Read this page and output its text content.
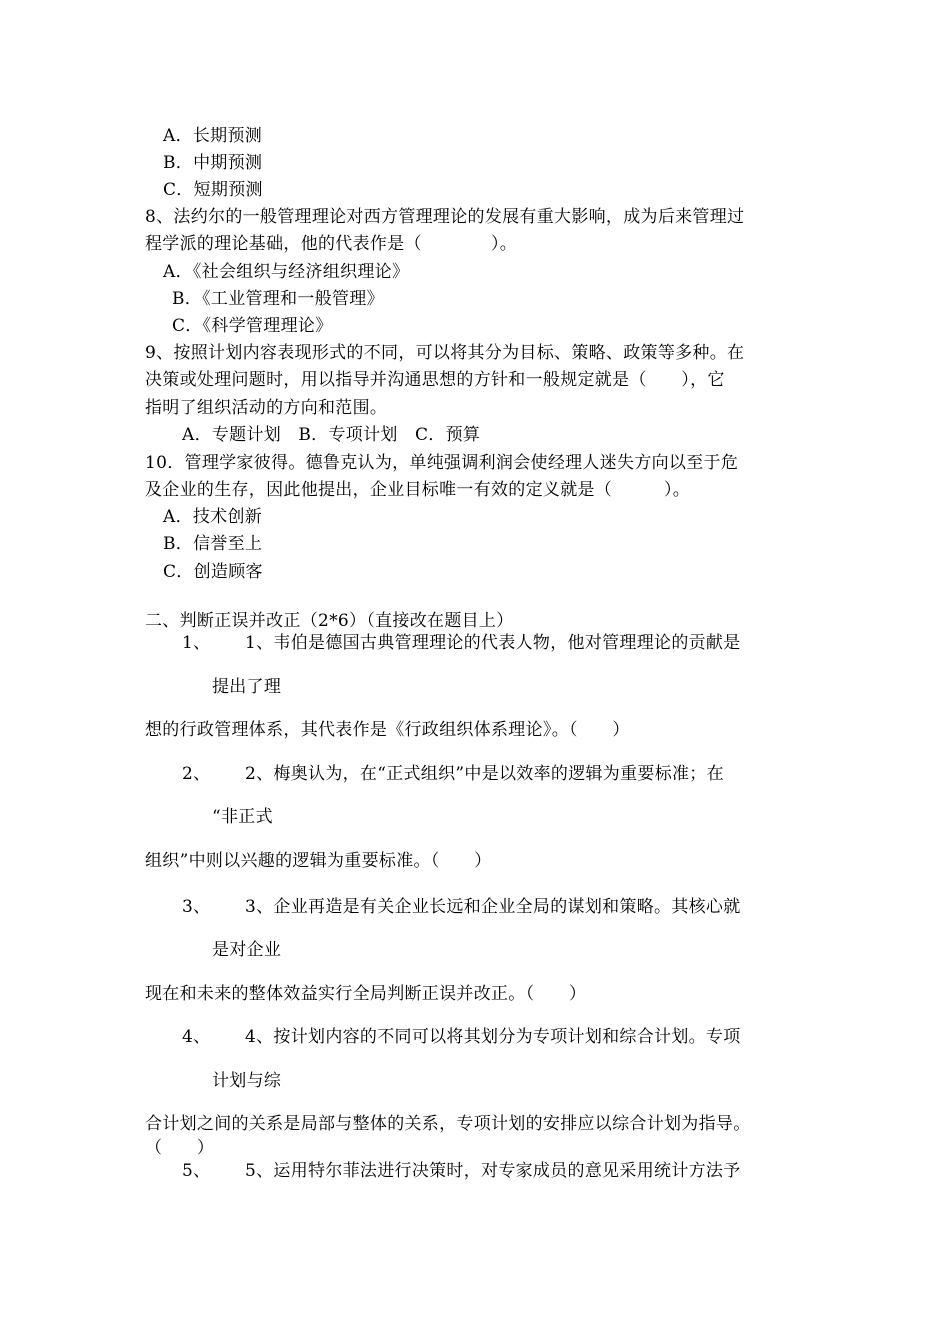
A．长期预测
B．中期预测
C．短期预测
8、法约尔的一般管理理论对西方管理理论的发展有重大影响，成为后来管理过
程学派的理论基础，他的代表作是（　　　　）。
A．《社会组织与经济组织理论》
B．《工业管理和一般管理》
C．《科学管理理论》
9、按照计划内容表现形式的不同，可以将其分为目标、策略、政策等多种。在
决策或处理问题时，用以指导并沟通思想的方针和一般规定就是（　　），它
指明了组织活动的方向和范围。
A．专题计划　B．专项计划　C．预算
10．管理学家彼得。德鲁克认为，单纯强调利润会使经理人迷失方向以至于危
及企业的生存，因此他提出，企业目标唯一有效的定义就是（　　　）。
A．技术创新
B．信誉至上
C．创造顾客
二、判断正误并改正（2*6）（直接改在题目上）
1、 1、韦伯是德国古典管理理论的代表人物，他对管理理论的贡献是
提出了理
想的行政管理体系，其代表作是《行政组织体系理论》。（　　）
2、 2、梅奥认为，在“正式组织”中是以效率的逻辑为重要标准；在
“非正式
组织”中则以兴趣的逻辑为重要标准。（　　）
3、 3、企业再造是有关企业长远和企业全局的谋划和策略。其核心就
是对企业
现在和未来的整体效益实行全局判断正误并改正。（　　）
4、 4、按计划内容的不同可以将其划分为专项计划和综合计划。专项
计划与综
合计划之间的关系是局部与整体的关系，专项计划的安排应以综合计划为指导。
（　　）
5、 5、运用特尔菲法进行决策时，对专家成员的意见采用统计方法予
